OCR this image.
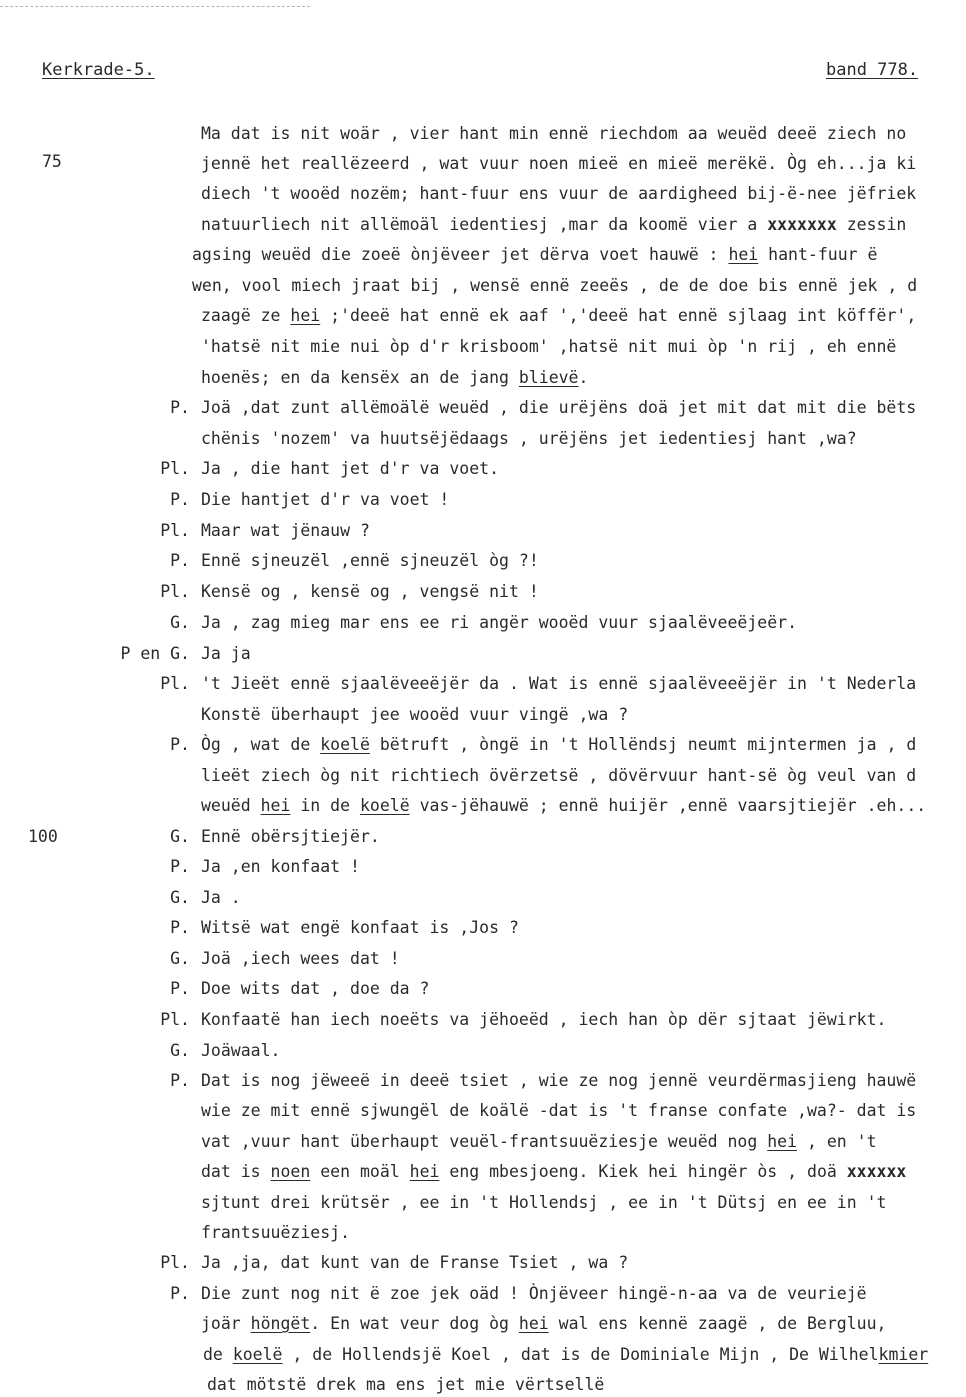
Kerkrade-5.	band 778.
75
100
Ma dat is nit woär , vier hant min ennë riechdom aa weuëd deeë ziech no
jennë het reallëzeerd , wat vuur noen mieë en mieë merëkë. Òg eh...ja ki
diech 't wooëd nozëm; hant-fuur ens vuur de aardigheed bij-ë-nee jëfriek
natuurliech nit allëmoäl iedentiesj ,mar da koomë vier a xxxxxxx zessin
agsing weuëd die zoeë ònjëveer jet dërva voet hauwë : hei hant-fuur ë
wen, vool miech jraat bij , wensë ennë zeeës , de de doe bis ennë jek , d
zaagë ze hei ;'deeë hat ennë ek aaf ','deeë hat ennë sjlaag int köffër',
'hatsë nit mie nui òp d'r krisboom' ,hatsë nit mui òp 'n rij , eh ennë
hoenës; en da kensëx an de jang blievë.
P. Joä ,dat zunt allëmoälë weuëd , die urëjëns doä jet mit dat mit die bëts
chënis 'nozem' va huutsëjëdaags , urëjëns jet iedentiesj hant ,wa?
Pl. Ja , die hant jet d'r va voet.
P. Die hantjet d'r va voet !
Pl. Maar wat jënauw ?
P. Ennë sjneuzël ,ennë sjneuzël òg ?!
Pl. Kensë og , kensë og , vengsë nit !
G. Ja , zag mieg mar ens ee ri angër wooëd vuur sjaalëveeëjeër.
P en G. Ja ja
Pl. 't Jieët ennë sjaalëveeëjër da . Wat is ennë sjaalëveeëjër in 't Nederla
Konstë überhaupt jee wooëd vuur vingë ,wa ?
P. Òg , wat de koelë bëtruft , òngë in 't Hollëndsj neumt mijntermen ja , d
lieët ziech òg nit richtiech övërzetsë , dövërvuur hant-së òg veul van d
weuëd hei in de koelë vas-jëhauwë ; ennë huijër ,ennë vaarsjtiejër .eh...
G. Ennë obërsjtiejër.
P. Ja ,en konfaat !
G. Ja .
P. Witsë wat engë konfaat is ,Jos ?
G. Joä ,iech wees dat !
P. Doe wits dat , doe da ?
Pl. Konfaatë han iech noeëts va jëhoeëd , iech han òp dër sjtaat jëwirkt.
G. Joäwaal.
P. Dat is nog jëweeë in deeë tsiet , wie ze nog jennë veurdërmasjieng hauwë
wie ze mit ennë sjwungël de koälë -dat is 't franse confate ,wa?- dat is
vat ,vuur hant überhaupt veuël-frantsuuëziesje weuëd nog hei , en 't
dat is noen een moäl hei eng mbesjoeng. Kiek hei hingër òs , doä xxxxxx
sjtunt drei krütsër , ee in 't Hollendsj , ee in 't Dütsj en ee in 't
frantsuuëziesj.
Pl. Ja ,ja, dat kunt van de Franse Tsiet , wa ?
P. Die zunt nog nit ë zoe jek oäd ! Ònjëveer hingë-n-aa va de veuriejë
joär höngët. En wat veur dog òg hei wal ens kennë zaagë , de Bergluu,
de koelë , de Hollendsjë Koel , dat is de Dominiale Mijn , De Wilhelkmier
dat mötstë drek ma ens jet mie vërtsellë
